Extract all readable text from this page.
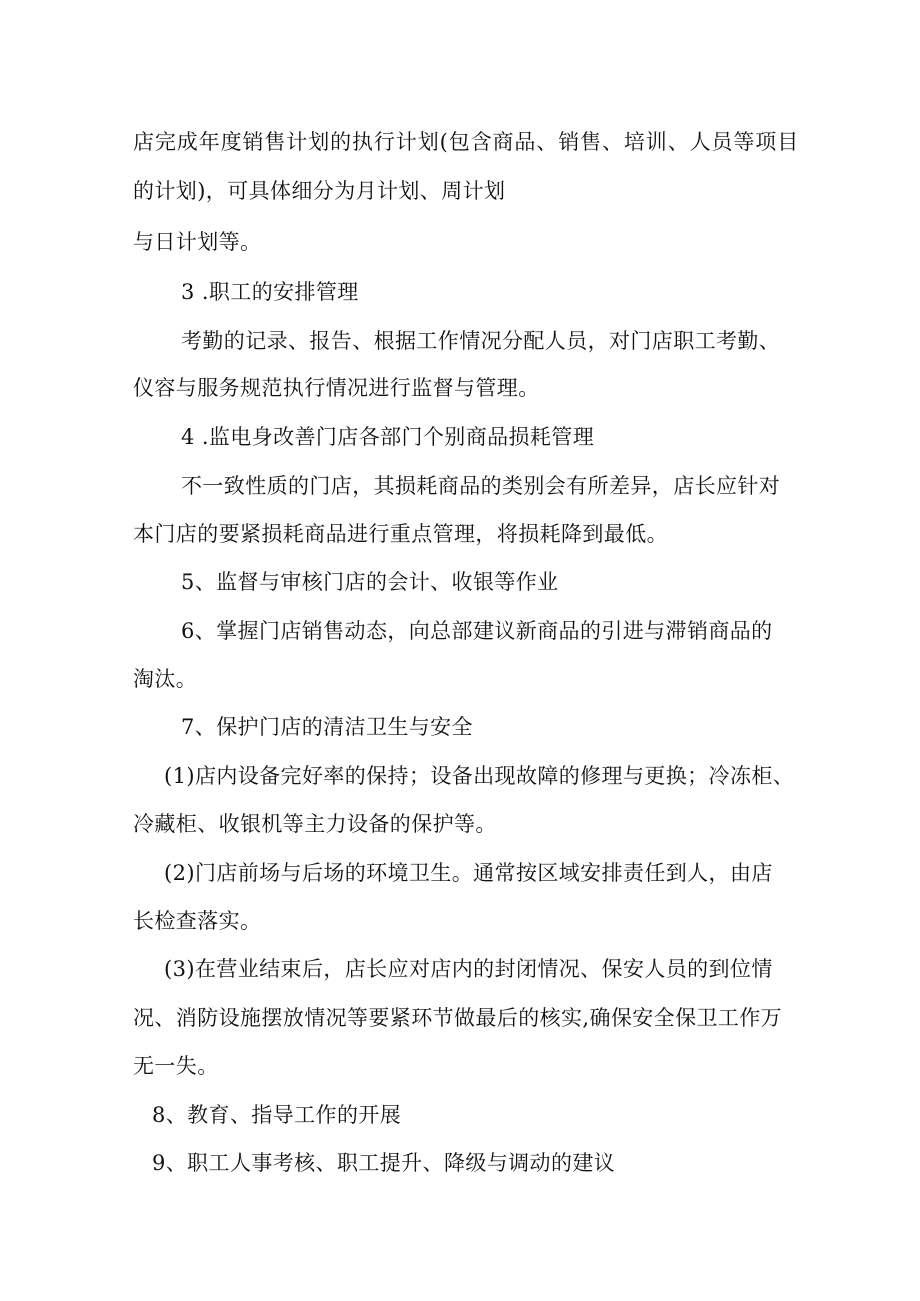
店完成年度销售计划的执行计划(包含商品、销售、培训、人员等项目
的计划)，可具体细分为月计划、周计划
与日计划等。
3 .职工的安排管理
考勤的记录、报告、根据工作情况分配人员，对门店职工考勤、
仪容与服务规范执行情况进行监督与管理。
4 .监电身改善门店各部门个别商品损耗管理
不一致性质的门店，其损耗商品的类别会有所差异，店长应针对
本门店的要紧损耗商品进行重点管理，将损耗降到最低。
5、监督与审核门店的会计、收银等作业
6、掌握门店销售动态，向总部建议新商品的引进与滞销商品的
淘汰。
7、保护门店的清洁卫生与安全
(1)店内设备完好率的保持；设备出现故障的修理与更换；冷冻柜、
冷藏柜、收银机等主力设备的保护等。
(2)门店前场与后场的环境卫生。通常按区域安排责任到人，由店
长检查落实。
(3)在营业结束后，店长应对店内的封闭情况、保安人员的到位情
况、消防设施摆放情况等要紧环节做最后的核实,确保安全保卫工作万
无一失。
8、教育、指导工作的开展
9、职工人事考核、职工提升、降级与调动的建议
